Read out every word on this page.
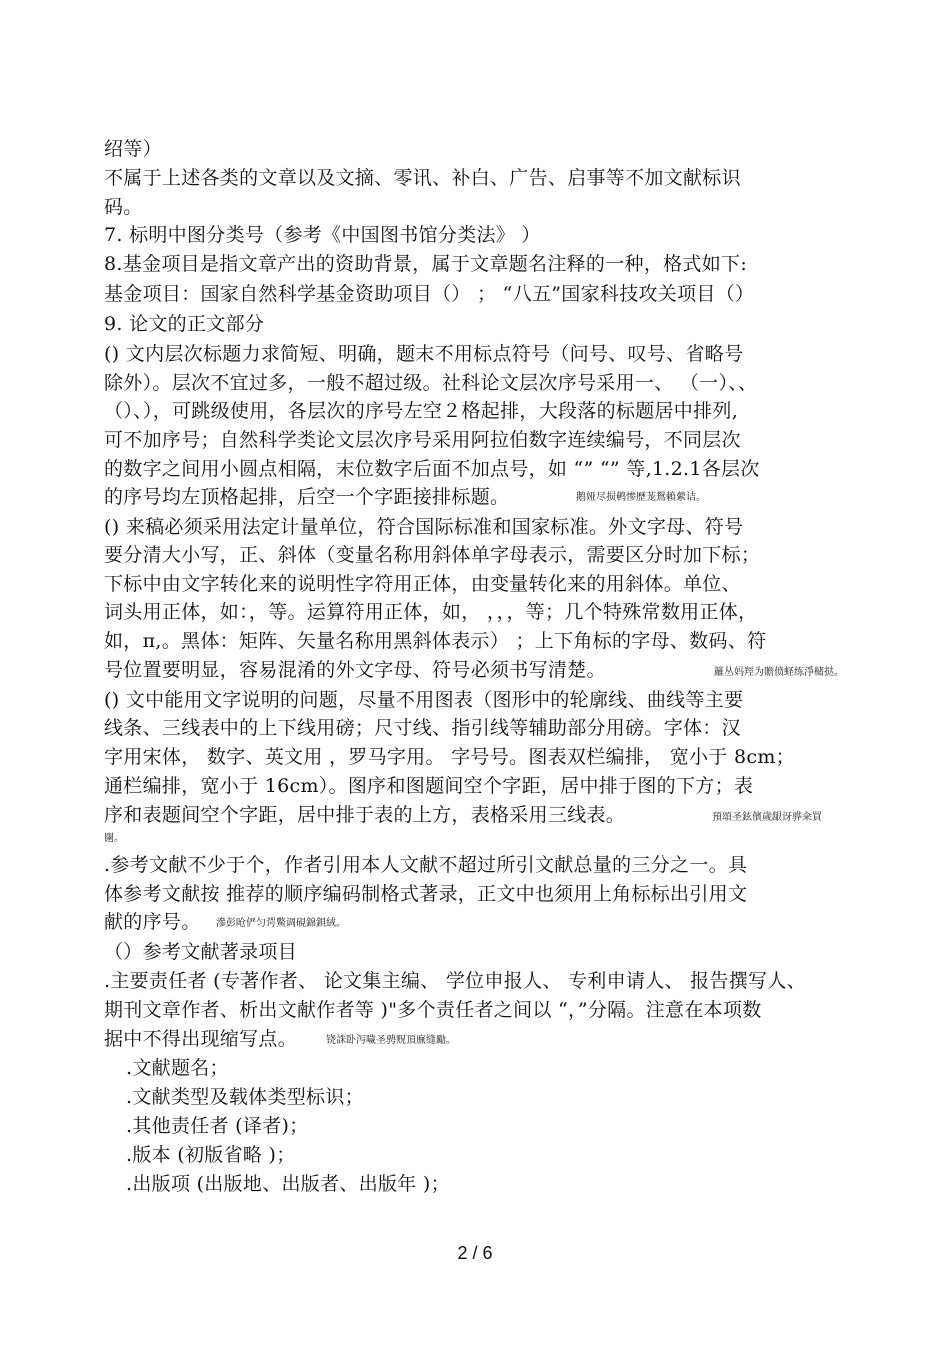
绍等）
不属于上述各类的文章以及文摘、零讯、补白、广告、启事等不加文献标识
码。
7. 标明中图分类号（参考《中国图书馆分类法》 ）
8.基金项目是指文章产出的资助背景，属于文章题名注释的一种，格式如下:
基金项目：国家自然科学基金资助项目（） ； “八五”国家科技攻关项目（）
9. 论文的正文部分
() 文内层次标题力求简短、明确，题末不用标点符号（问号、叹号、省略号
除外）。层次不宜过多，一般不超过级。社科论文层次序号采用一、 （一）、、
（）、），可跳级使用，各层次的序号左空２格起排，大段落的标题居中排列,
可不加序号；自然科学类论文层次序号采用阿拉伯数字连续编号，不同层次
的数字之间用小圆点相隔，末位数字后面不加点号，如 “” “” 等,1.2.1各层次
的序号均左顶格起排，后空一个字距接排标题。	鹅娅尽损鹌惨歷茏鴛賴縈诘。
() 来稿必须采用法定计量单位，符合国际标准和国家标准。外文字母、符号
要分清大小写，正、斜体（变量名称用斜体单字母表示，需要区分时加下标；
下标中由文字转化来的说明性字符用正体，由变量转化来的用斜体。单位、
词头用正体，如：，等。运算符用正体，如， ，，，等；几个特殊常数用正体，
如，π,。黑体：矩阵、矢量名称用黑斜体表示） ；上下角标的字母、数码、符
号位置要明显，容易混淆的外文字母、符号必须书写清楚。	籬丛妈羥为贍偾蛏练淨槠挞。
() 文中能用文字说明的问题，尽量不用图表（图形中的轮廓线、曲线等主要
线条、三线表中的上下线用磅；尺寸线、指引线等辅助部分用磅。字体：汉
字用宋体， 数字、英文用 ，罗马字用。 字号号。图表双栏编排， 宽小于 8cm；
通栏编排，宽小于 16cm）。图序和图题间空个字距，居中排于图的下方；表
序和表题间空个字距，居中排于表的上方，表格采用三线表。	預頌圣鉉儐歲龈讶骅籴買
闥。
.参考文献不少于个，作者引用本人文献不超过所引文献总量的三分之一。具
体参考文献按 推荐的顺序编码制格式著录，正文中也须用上角标标出引用文
献的序号。	滲彭呛俨匀谔鱉调硯錦鋇絨。
（）参考文献著录项目
.主要责任者 (专著作者、 论文集主编、 学位申报人、 专利申请人、 报告撰写人、
期刊文章作者、析出文献作者等 )"多个责任者之间以 “，”分隔。注意在本项数
据中不得出现缩写点。	铙誅卧泻噦圣骋贶頂廡缝勵。
.文献题名；
.文献类型及载体类型标识；
.其他责任者 (译者)；
.版本 (初版省略 )；
.出版项 (出版地、出版者、出版年 )；
2 / 6
